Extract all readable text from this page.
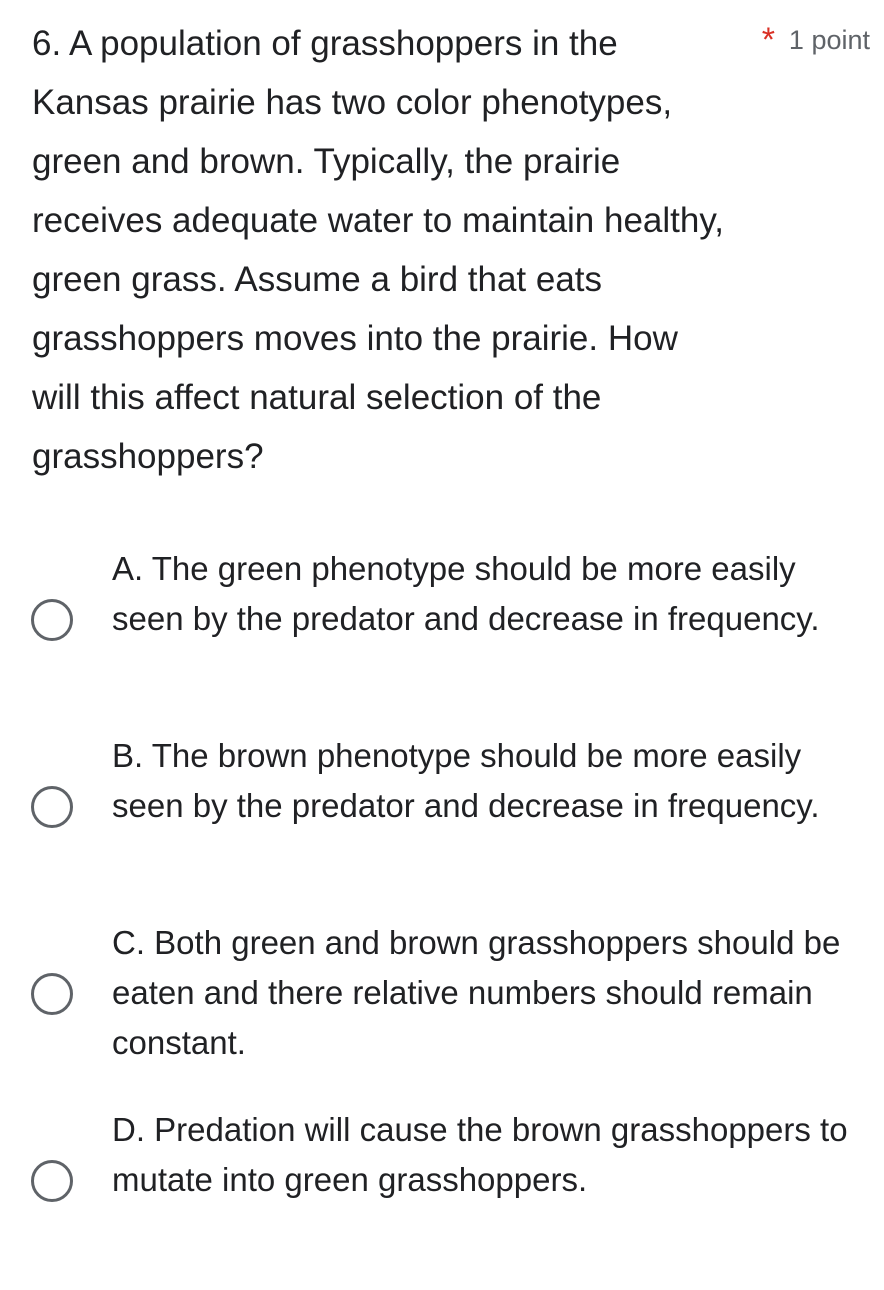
6. A population of grasshoppers in the Kansas prairie has two color phenotypes, green and brown. Typically, the prairie receives adequate water to maintain healthy, green grass. Assume a bird that eats grasshoppers moves into the prairie. How will this affect natural selection of the grasshoppers?

* 1 point

A. The green phenotype should be more easily seen by the predator and decrease in frequency.

B. The brown phenotype should be more easily seen by the predator and decrease in frequency.

C. Both green and brown grasshoppers should be eaten and there relative numbers should remain constant.

D. Predation will cause the brown grasshoppers to mutate into green grasshoppers.
